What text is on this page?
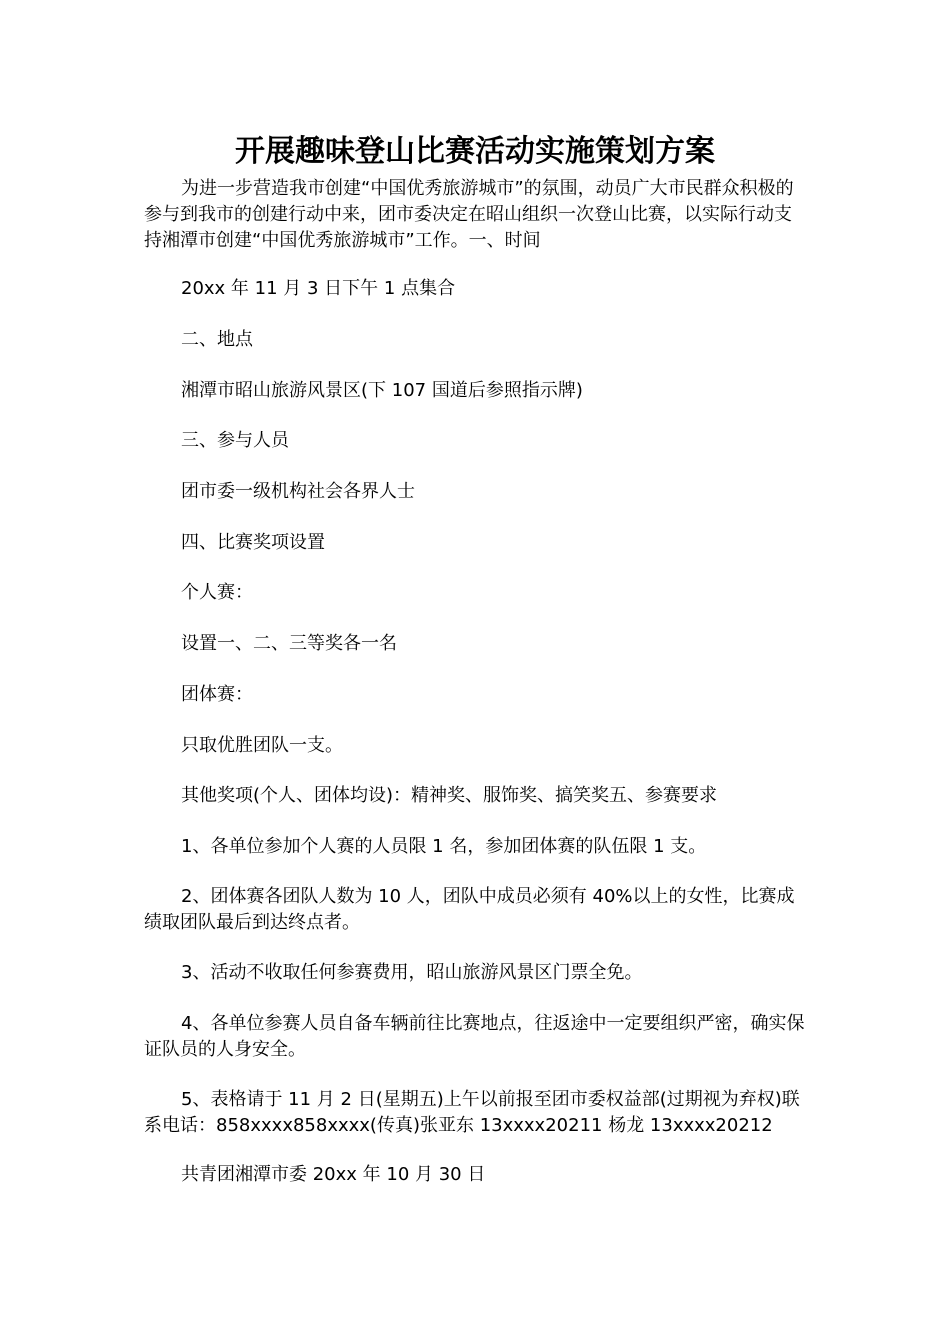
开展趣味登山比赛活动实施策划方案

为进一步营造我市创建“中国优秀旅游城市”的氛围，动员广大市民群众积极的参与到我市的创建行动中来，团市委决定在昭山组织一次登山比赛，以实际行动支持湘潭市创建“中国优秀旅游城市”工作。一、时间

20xx 年 11 月 3 日下午 1 点集合

二、地点

湘潭市昭山旅游风景区(下 107 国道后参照指示牌)

三、参与人员

团市委一级机构社会各界人士

四、比赛奖项设置

个人赛：

设置一、二、三等奖各一名

团体赛：

只取优胜团队一支。

其他奖项(个人、团体均设)：精神奖、服饰奖、搞笑奖五、参赛要求

1、各单位参加个人赛的人员限 1 名，参加团体赛的队伍限 1 支。

2、团体赛各团队人数为 10 人，团队中成员必须有 40%以上的女性，比赛成绩取团队最后到达终点者。

3、活动不收取任何参赛费用，昭山旅游风景区门票全免。

4、各单位参赛人员自备车辆前往比赛地点，往返途中一定要组织严密，确实保证队员的人身安全。

5、表格请于 11 月 2 日(星期五)上午以前报至团市委权益部(过期视为弃权)联系电话：858xxxx858xxxx(传真)张亚东 13xxxx20211 杨龙 13xxxx20212

共青团湘潭市委 20xx 年 10 月 30 日
